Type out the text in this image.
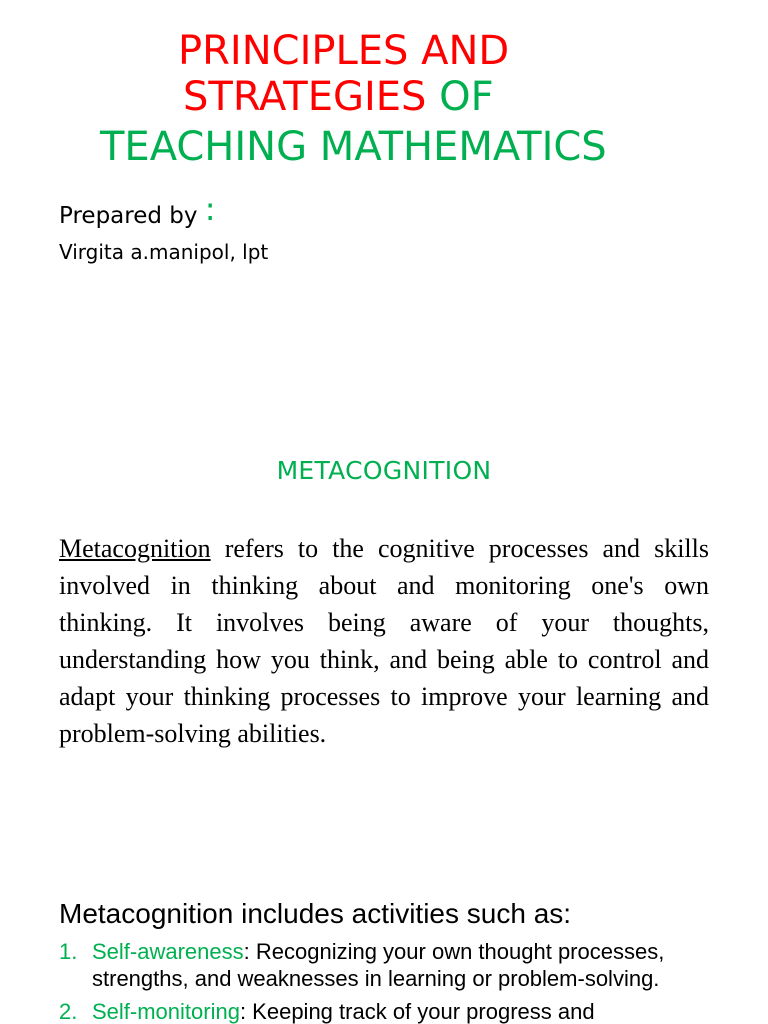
PRINCIPLES AND

STRATEGIES OF

TEACHING MATHEMATICS

Prepared by :
Virgita a.manipol, lpt
METACOGNITION

Metacognition refers to the cognitive processes and skills involved in thinking about and monitoring one's own thinking. It involves being aware of your thoughts, understanding how you think, and being able to control and adapt your thinking processes to improve your learning and problem-solving abilities.

Metacognition includes activities such as:
1. Self-awareness: Recognizing your own thought processes, strengths, and weaknesses in learning or problem-solving.
2. Self-monitoring: Keeping track of your progress and
